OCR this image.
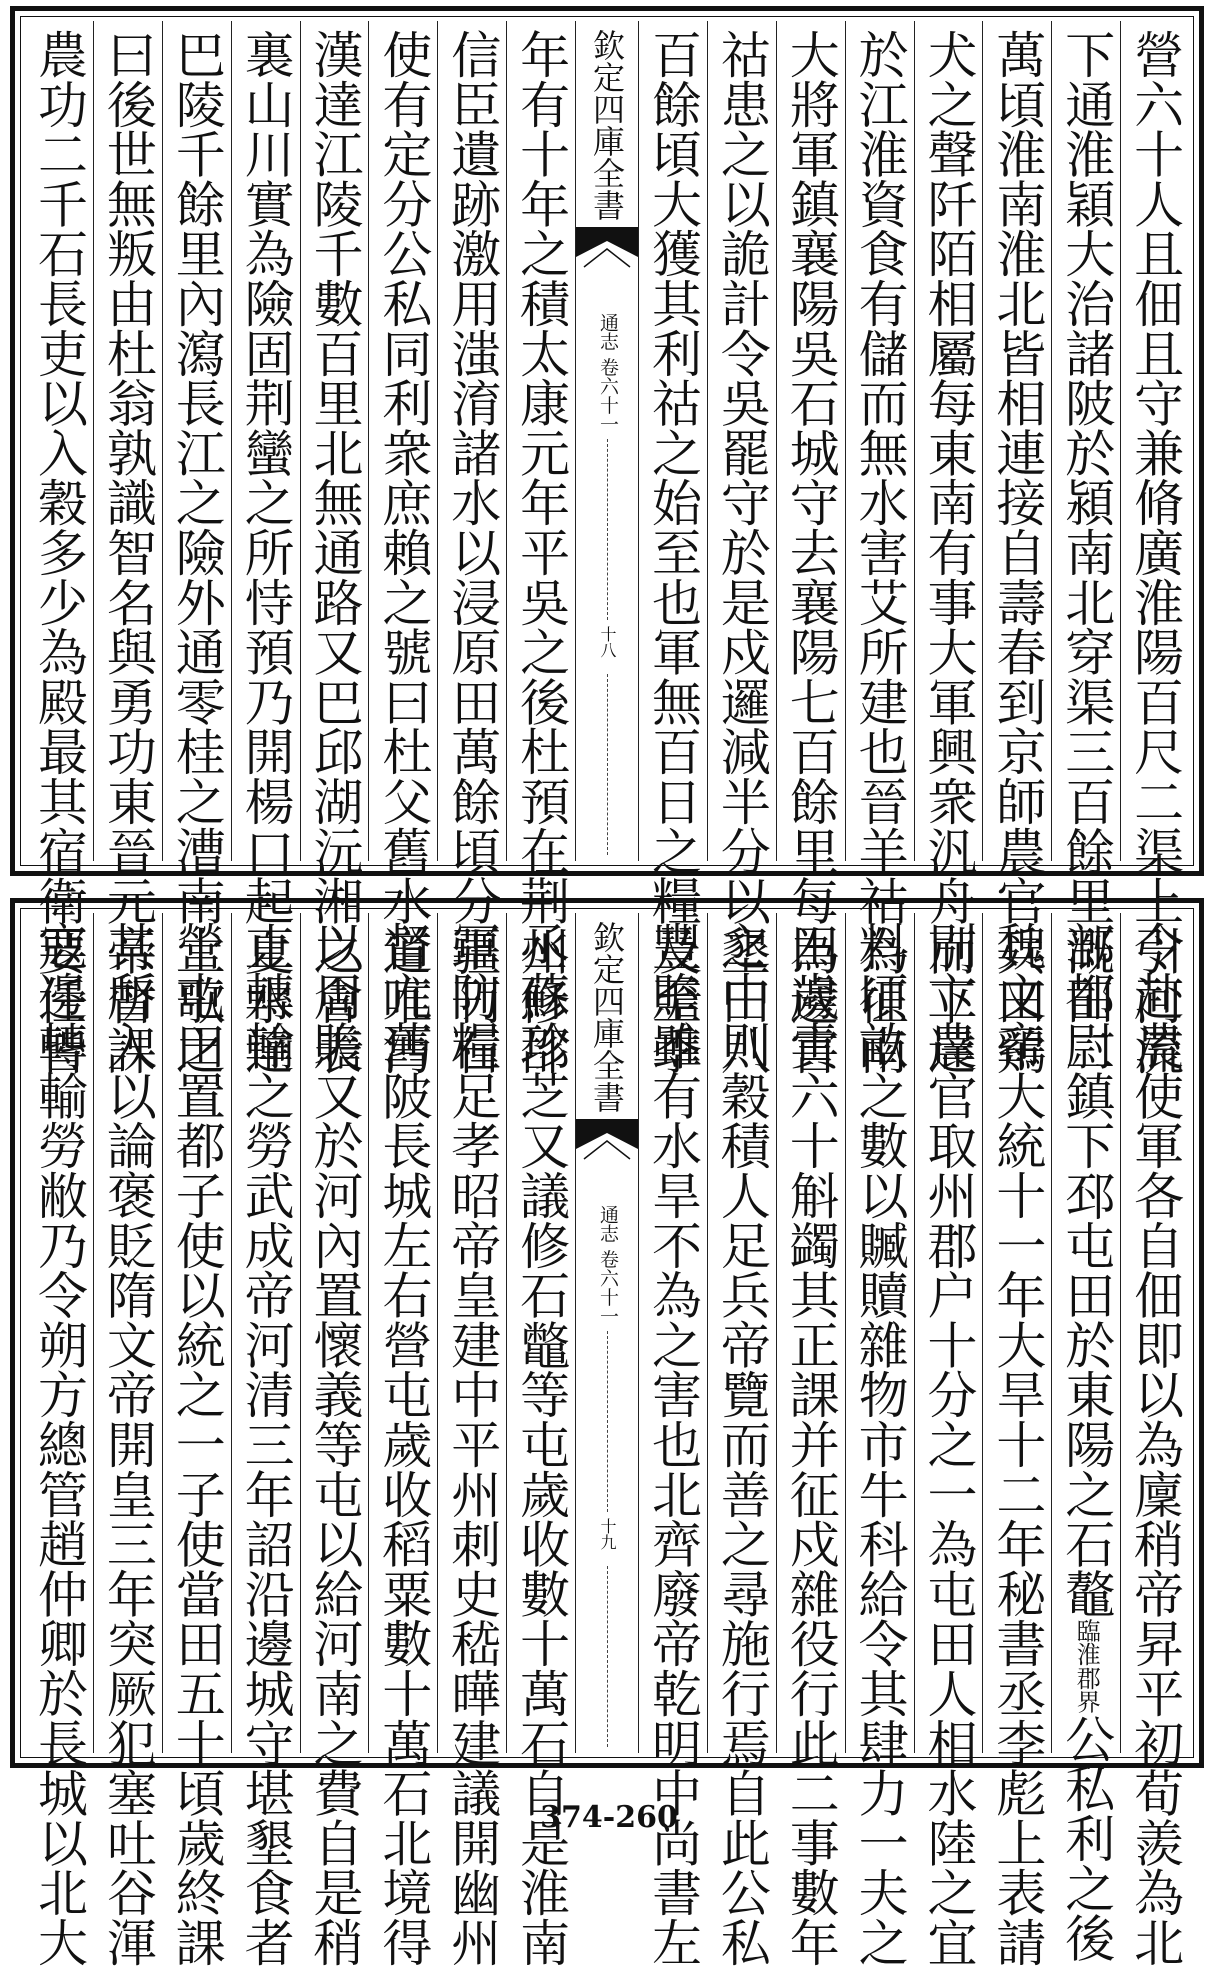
營六十人且佃且守兼脩廣淮陽百尺二渠上引河流
下通淮穎大治諸陂於潁南北穿渠三百餘里溉田二
萬頃淮南淮北皆相連接自壽春到京師農官兵田鷄
犬之聲阡陌相屬每東南有事大軍興衆汎舟而下達
於江淮資食有儲而無水害艾所建也晉羊祜為征南
大將軍鎮襄陽吳石城守去襄陽七百餘里每為邊害
祜患之以詭計令吳罷守於是戍邏減半分以墾田八
百餘頃大獲其利祜之始至也軍無百日之糧及至季
欽定四庫全書
通志 卷六十一
十八
年有十年之積太康元年平吳之後杜預在荆州修邵
信臣遺跡激用滍淯諸水以浸原田萬餘頃分疆刊石
使有定分公私同利衆庶賴之號曰杜父舊水道唯沔
漢達江陵千數百里北無通路又巴邱湖沅湘之會表
裏山川實為險固荆蠻之所恃預乃開楊口起夏水達
巴陵千餘里內瀉長江之險外通零桂之漕南土歌之
曰後世無叛由杜翁孰識智名與勇功東晉元帝督課
農功二千石長吏以入穀多少為殿最其宿衛要任皆
令赴農使軍各自佃即以為廩稍帝昇平初荀羨為北
部都尉鎮下邳屯田於東陽之石鼇臨淮郡界公私利之後
魏文帝大統十一年大旱十二年秘書丞李彪上表請
別立農官取州郡户十分之一為屯田人相水陸之宜
料頃畝之數以贓贖雜物市牛科給令其肆力一夫之
田歲責六十斛蠲其正課并征戍雜役行此二事數年
之中則穀積人足兵帝覽而善之尋施行焉自此公私
豐贍雖有水旱不為之害也北齊廢帝乾明中尚書左
欽定四庫全書
通志 卷六十一
十九
丞蘇珍芝又議修石鼈等屯歲收數十萬石自是淮南
軍防糧足孝昭帝皇建中平州刺史嵇曄建議開幽州
督亢舊陂長城左右營屯歲收稻粟數十萬石北境得
以周贍又於河內置懷義等屯以給河南之費自是稍
止轉輸之勞武成帝河清三年詔沿邊城守堪墾食者
營屯田置都子使以統之一子使當田五十頃歲終課
其所入以論褒貶隋文帝開皇三年突厥犯塞吐谷渾
寇邊轉輸勞敝乃令朔方總管趙仲卿於長城以北大	374-260
